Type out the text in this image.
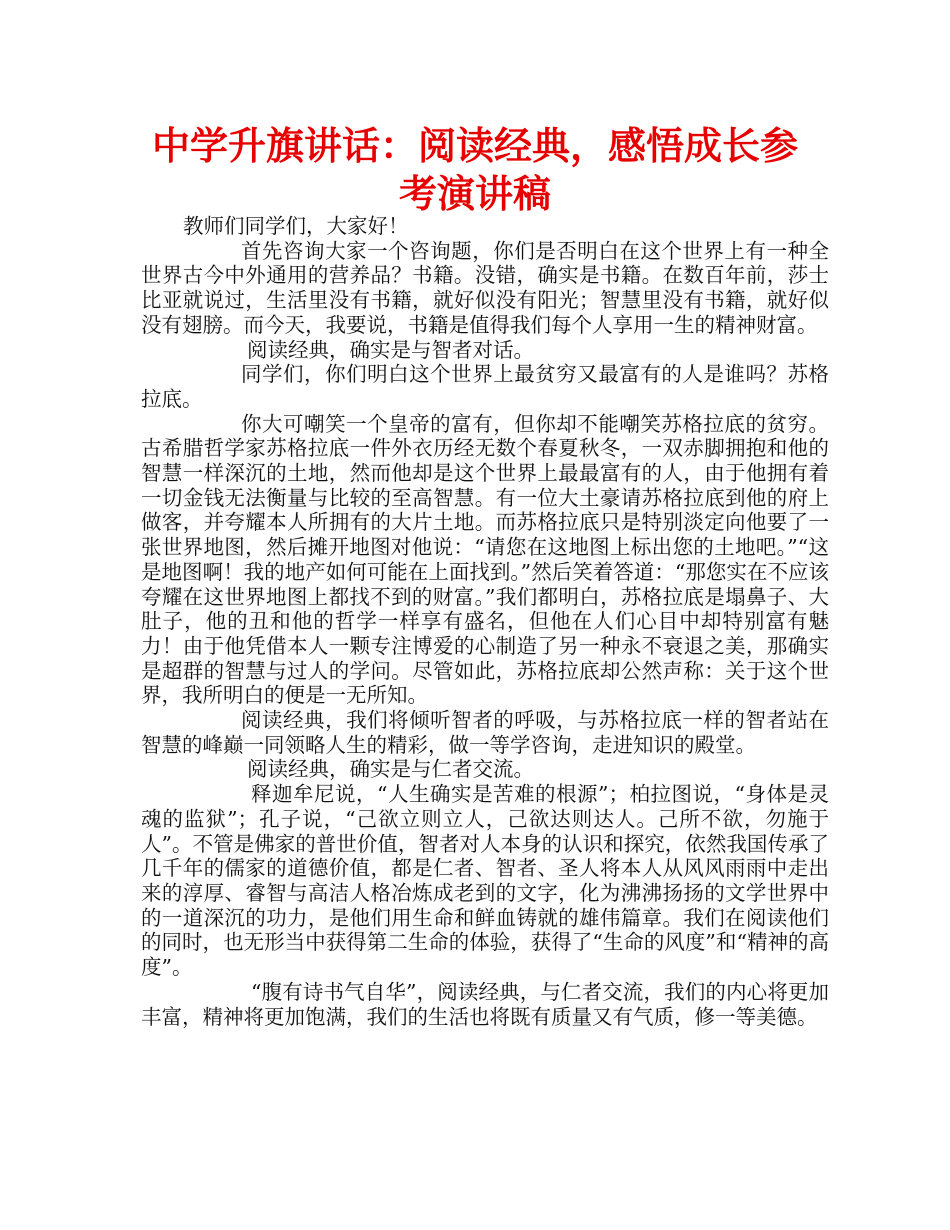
中学升旗讲话：阅读经典，感悟成长参考演讲稿

教师们同学们，大家好！

首先咨询大家一个咨询题，你们是否明白在这个世界上有一种全世界古今中外通用的营养品？书籍。没错，确实是书籍。在数百年前，莎士比亚就说过，生活里没有书籍，就好似没有阳光；智慧里没有书籍，就好似没有翅膀。而今天，我要说，书籍是值得我们每个人享用一生的精神财富。

阅读经典，确实是与智者对话。

同学们，你们明白这个世界上最贫穷又最富有的人是谁吗？苏格拉底。

你大可嘲笑一个皇帝的富有，但你却不能嘲笑苏格拉底的贫穷。古希腊哲学家苏格拉底一件外衣历经无数个春夏秋冬，一双赤脚拥抱和他的智慧一样深沉的土地，然而他却是这个世界上最最富有的人，由于他拥有着一切金钱无法衡量与比较的至高智慧。有一位大土豪请苏格拉底到他的府上做客，并夸耀本人所拥有的大片土地。而苏格拉底只是特别淡定向他要了一张世界地图，然后摊开地图对他说：“请您在这地图上标出您的土地吧。”“这是地图啊！我的地产如何可能在上面找到。”然后笑着答道：“那您实在不应该夸耀在这世界地图上都找不到的财富。”我们都明白，苏格拉底是塌鼻子、大肚子，他的丑和他的哲学一样享有盛名，但他在人们心目中却特别富有魅力！由于他凭借本人一颗专注博爱的心制造了另一种永不衰退之美，那确实是超群的智慧与过人的学问。尽管如此，苏格拉底却公然声称：关于这个世界，我所明白的便是一无所知。

阅读经典，我们将倾听智者的呼吸，与苏格拉底一样的智者站在智慧的峰巅一同领略人生的精彩，做一等学咨询，走进知识的殿堂。

阅读经典，确实是与仁者交流。

释迦牟尼说，“人生确实是苦难的根源”；柏拉图说，“身体是灵魂的监狱”；孔子说，“己欲立则立人，己欲达则达人。己所不欲，勿施于人”。不管是佛家的普世价值，智者对人本身的认识和探究，依然我国传承了几千年的儒家的道德价值，都是仁者、智者、圣人将本人从风风雨雨中走出来的淳厚、睿智与高洁人格冶炼成老到的文字，化为沸沸扬扬的文学世界中的一道深沉的功力，是他们用生命和鲜血铸就的雄伟篇章。我们在阅读他们的同时，也无形当中获得第二生命的体验，获得了“生命的风度”和“精神的高度”。

“腹有诗书气自华”，阅读经典，与仁者交流，我们的内心将更加丰富，精神将更加饱满，我们的生活也将既有质量又有气质，修一等美德。
